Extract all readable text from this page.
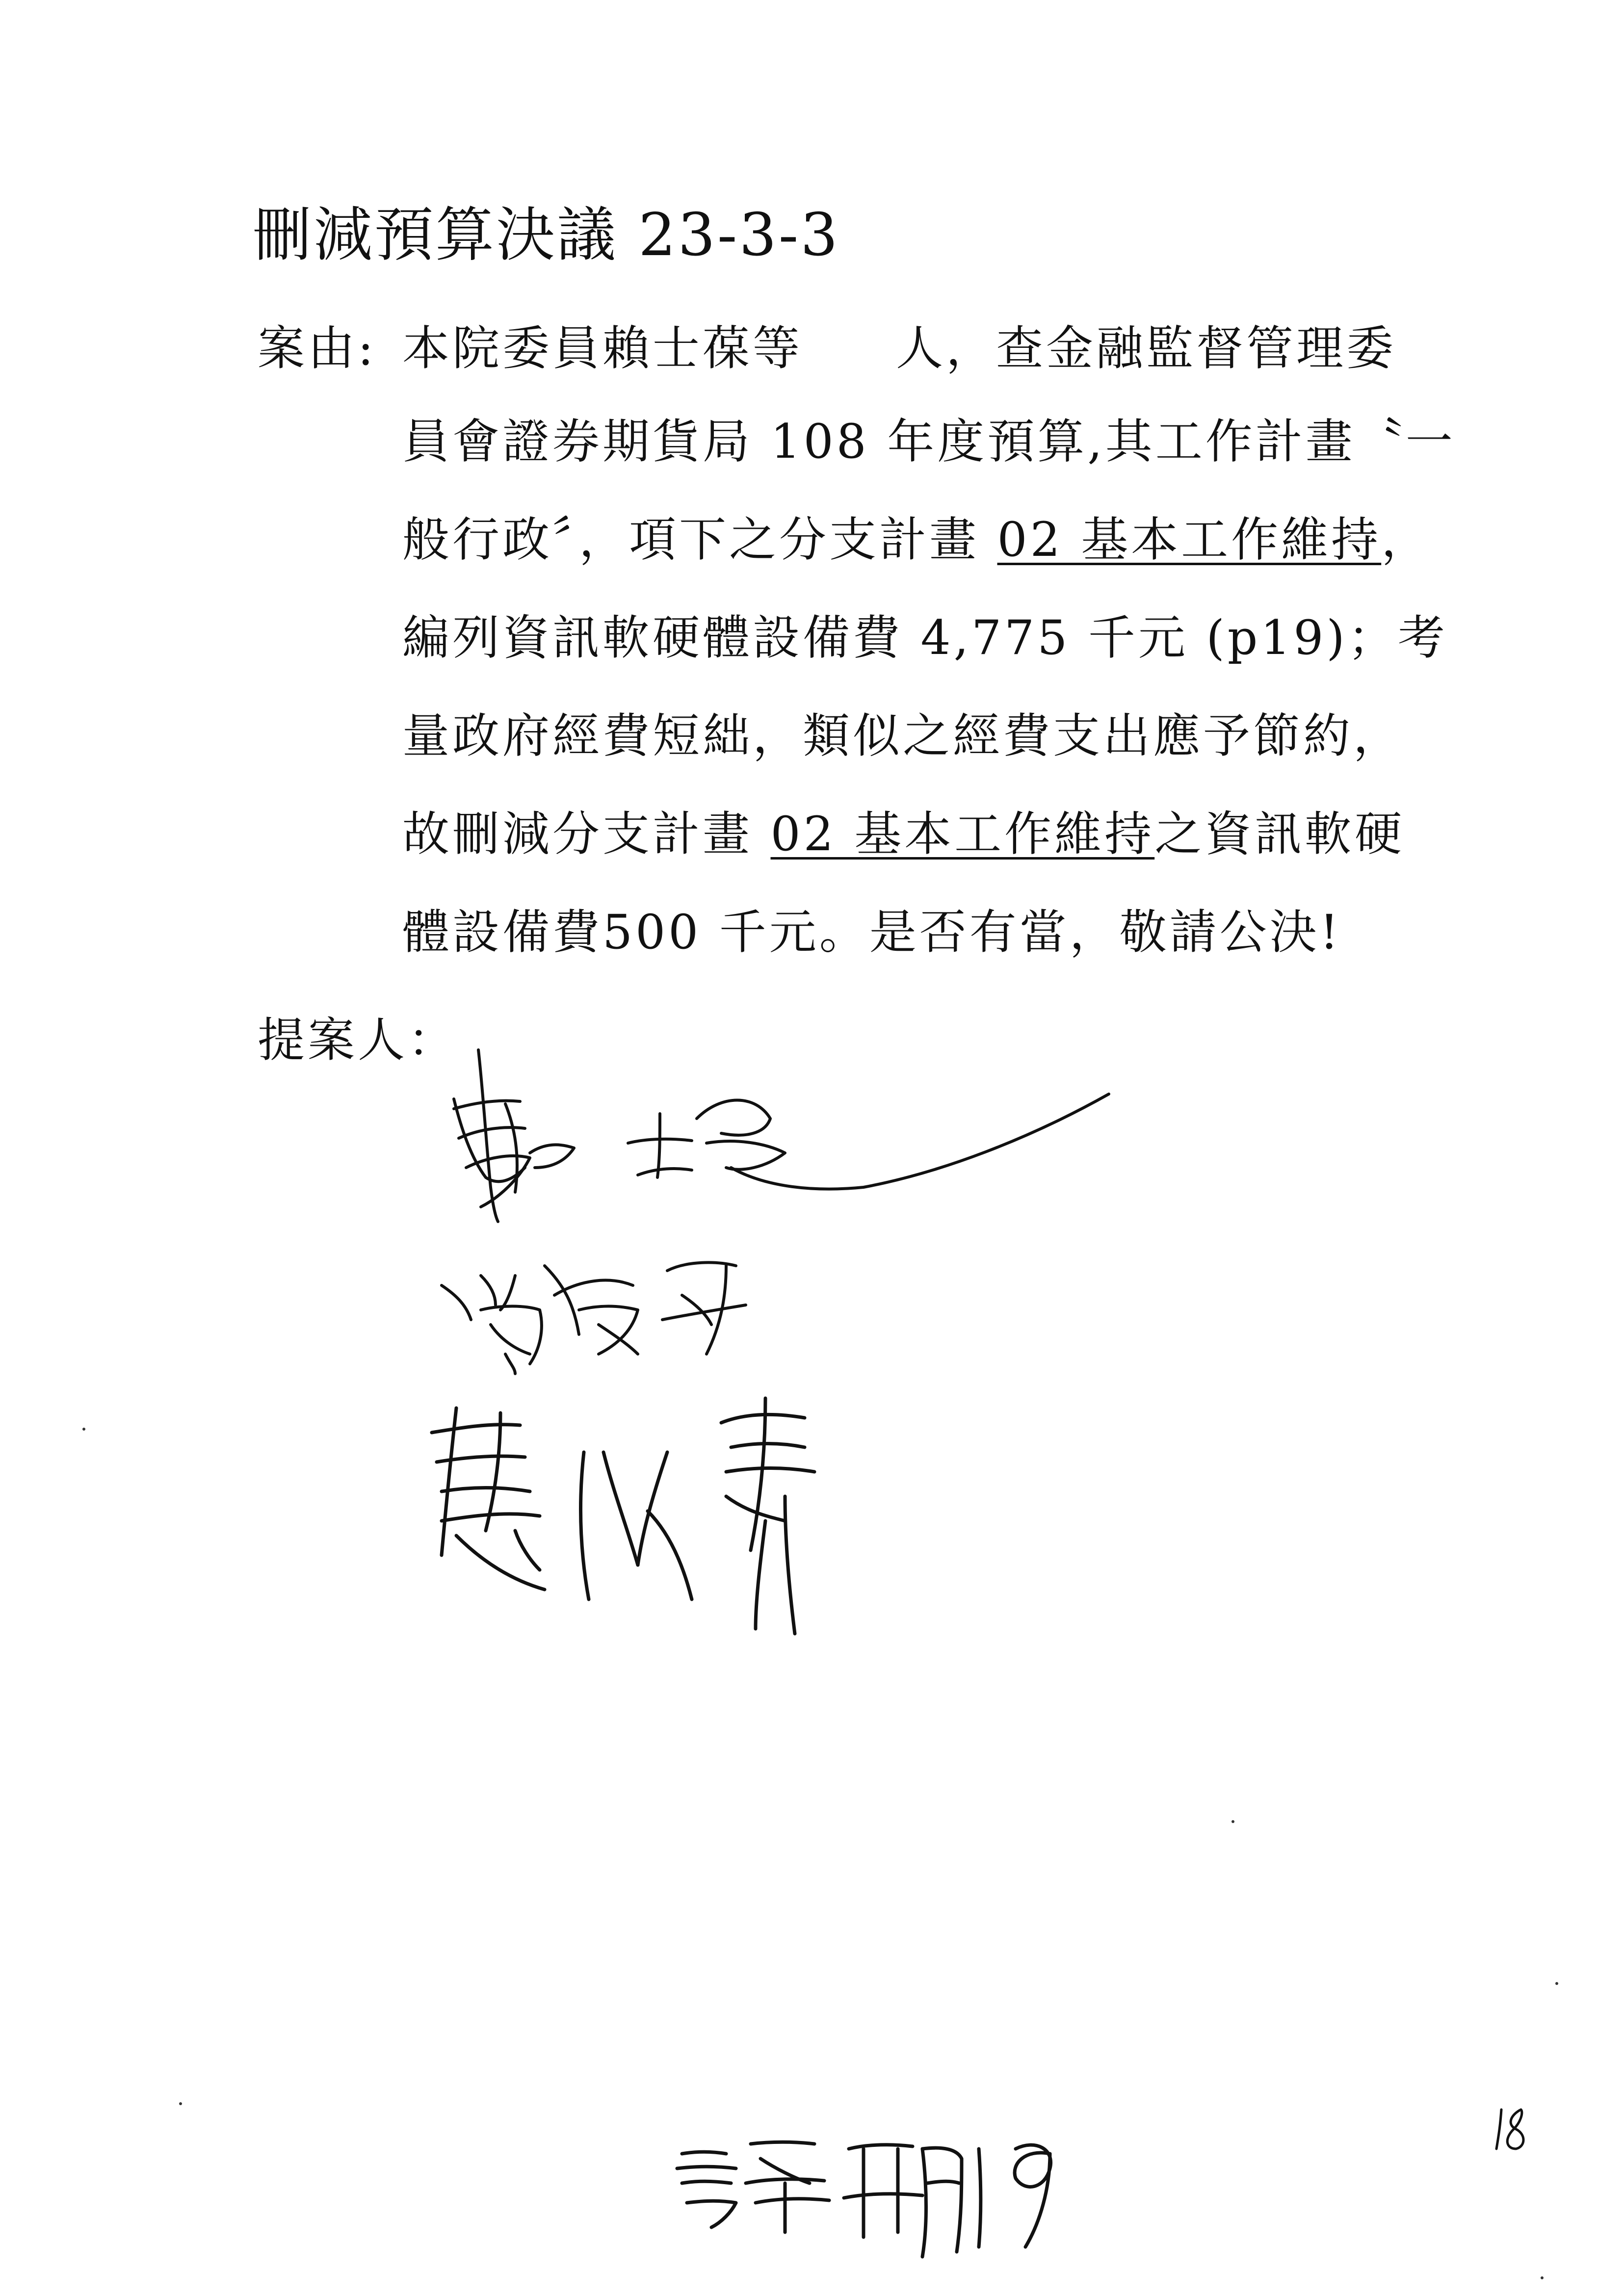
刪減預算決議 23-3-3
案由: 本院委員賴士葆等 人，查金融監督管理委
員會證券期貨局 108 年度預算,其工作計畫〝一
般行政〞，項下之分支計畫 02 基本工作維持，
編列資訊軟硬體設備費 4,775 千元 (p19)；考
量政府經費短絀，類似之經費支出應予節約，
故刪減分支計畫 02 基本工作維持之資訊軟硬
體設備費500 千元。是否有當，敬請公決!
提案人：
